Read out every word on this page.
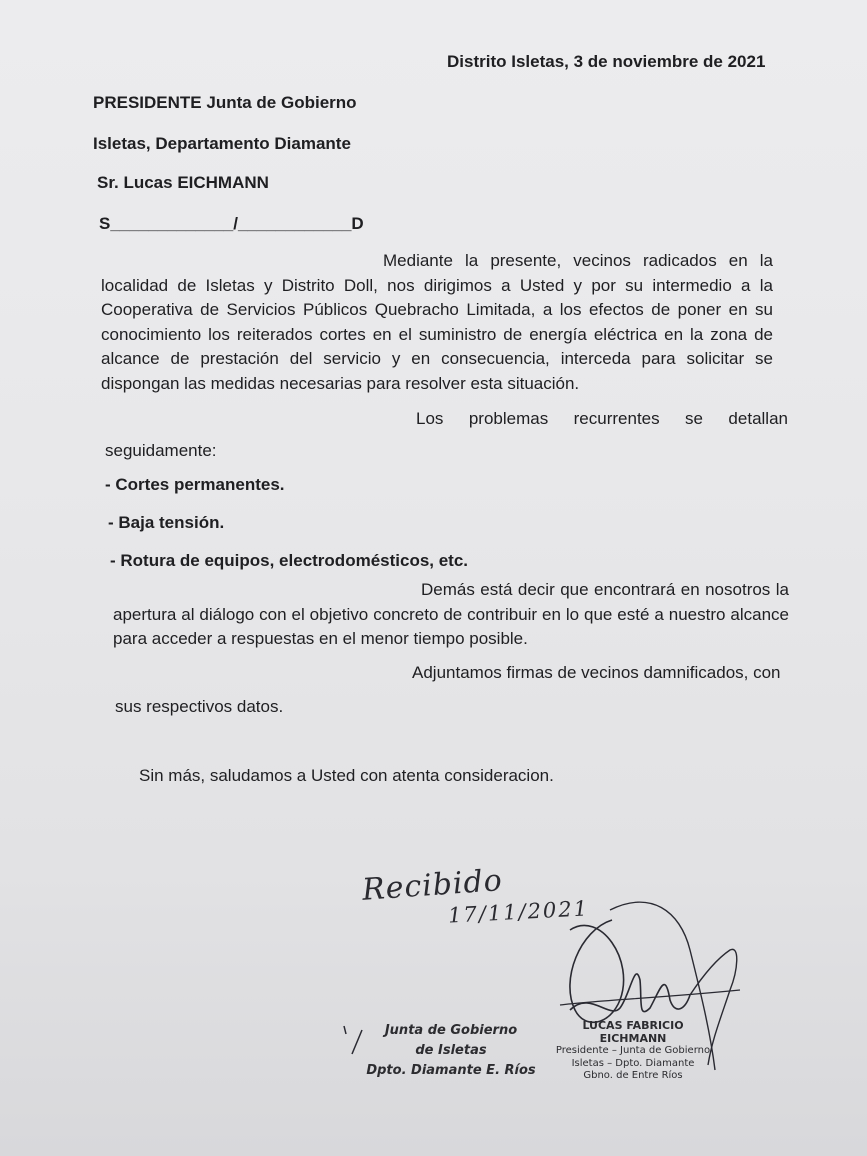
Distrito Isletas, 3 de noviembre de 2021
PRESIDENTE Junta de Gobierno
Isletas, Departamento Diamante
Sr. Lucas EICHMANN
S_____________/____________D
Mediante la presente, vecinos radicados en la localidad de Isletas y Distrito Doll, nos dirigimos a Usted y por su intermedio a la Cooperativa de Servicios Públicos Quebracho Limitada, a los efectos de poner en su conocimiento los reiterados cortes en el suministro de energía eléctrica en la zona de alcance de prestación del servicio y en consecuencia, interceda para solicitar se dispongan las medidas necesarias para resolver esta situación.
Los problemas recurrentes se detallan
seguidamente:
- Cortes permanentes.
- Baja tensión.
- Rotura de equipos, electrodomésticos, etc.
Demás está decir que encontrará en nosotros la apertura al diálogo con el objetivo concreto de contribuir en lo que esté a nuestro alcance para acceder a respuestas en el menor tiempo posible.
Adjuntamos firmas de vecinos damnificados, con
sus respectivos datos.
Sin más, saludamos a Usted con atenta consideracion.
Recibido
17/11/2021
Junta de Gobierno
de Isletas
Dpto. Diamante E. Ríos
LUCAS FABRICIO EICHMANN
Presidente – Junta de Gobierno
Isletas – Dpto. Diamante
Gbno. de Entre Ríos
